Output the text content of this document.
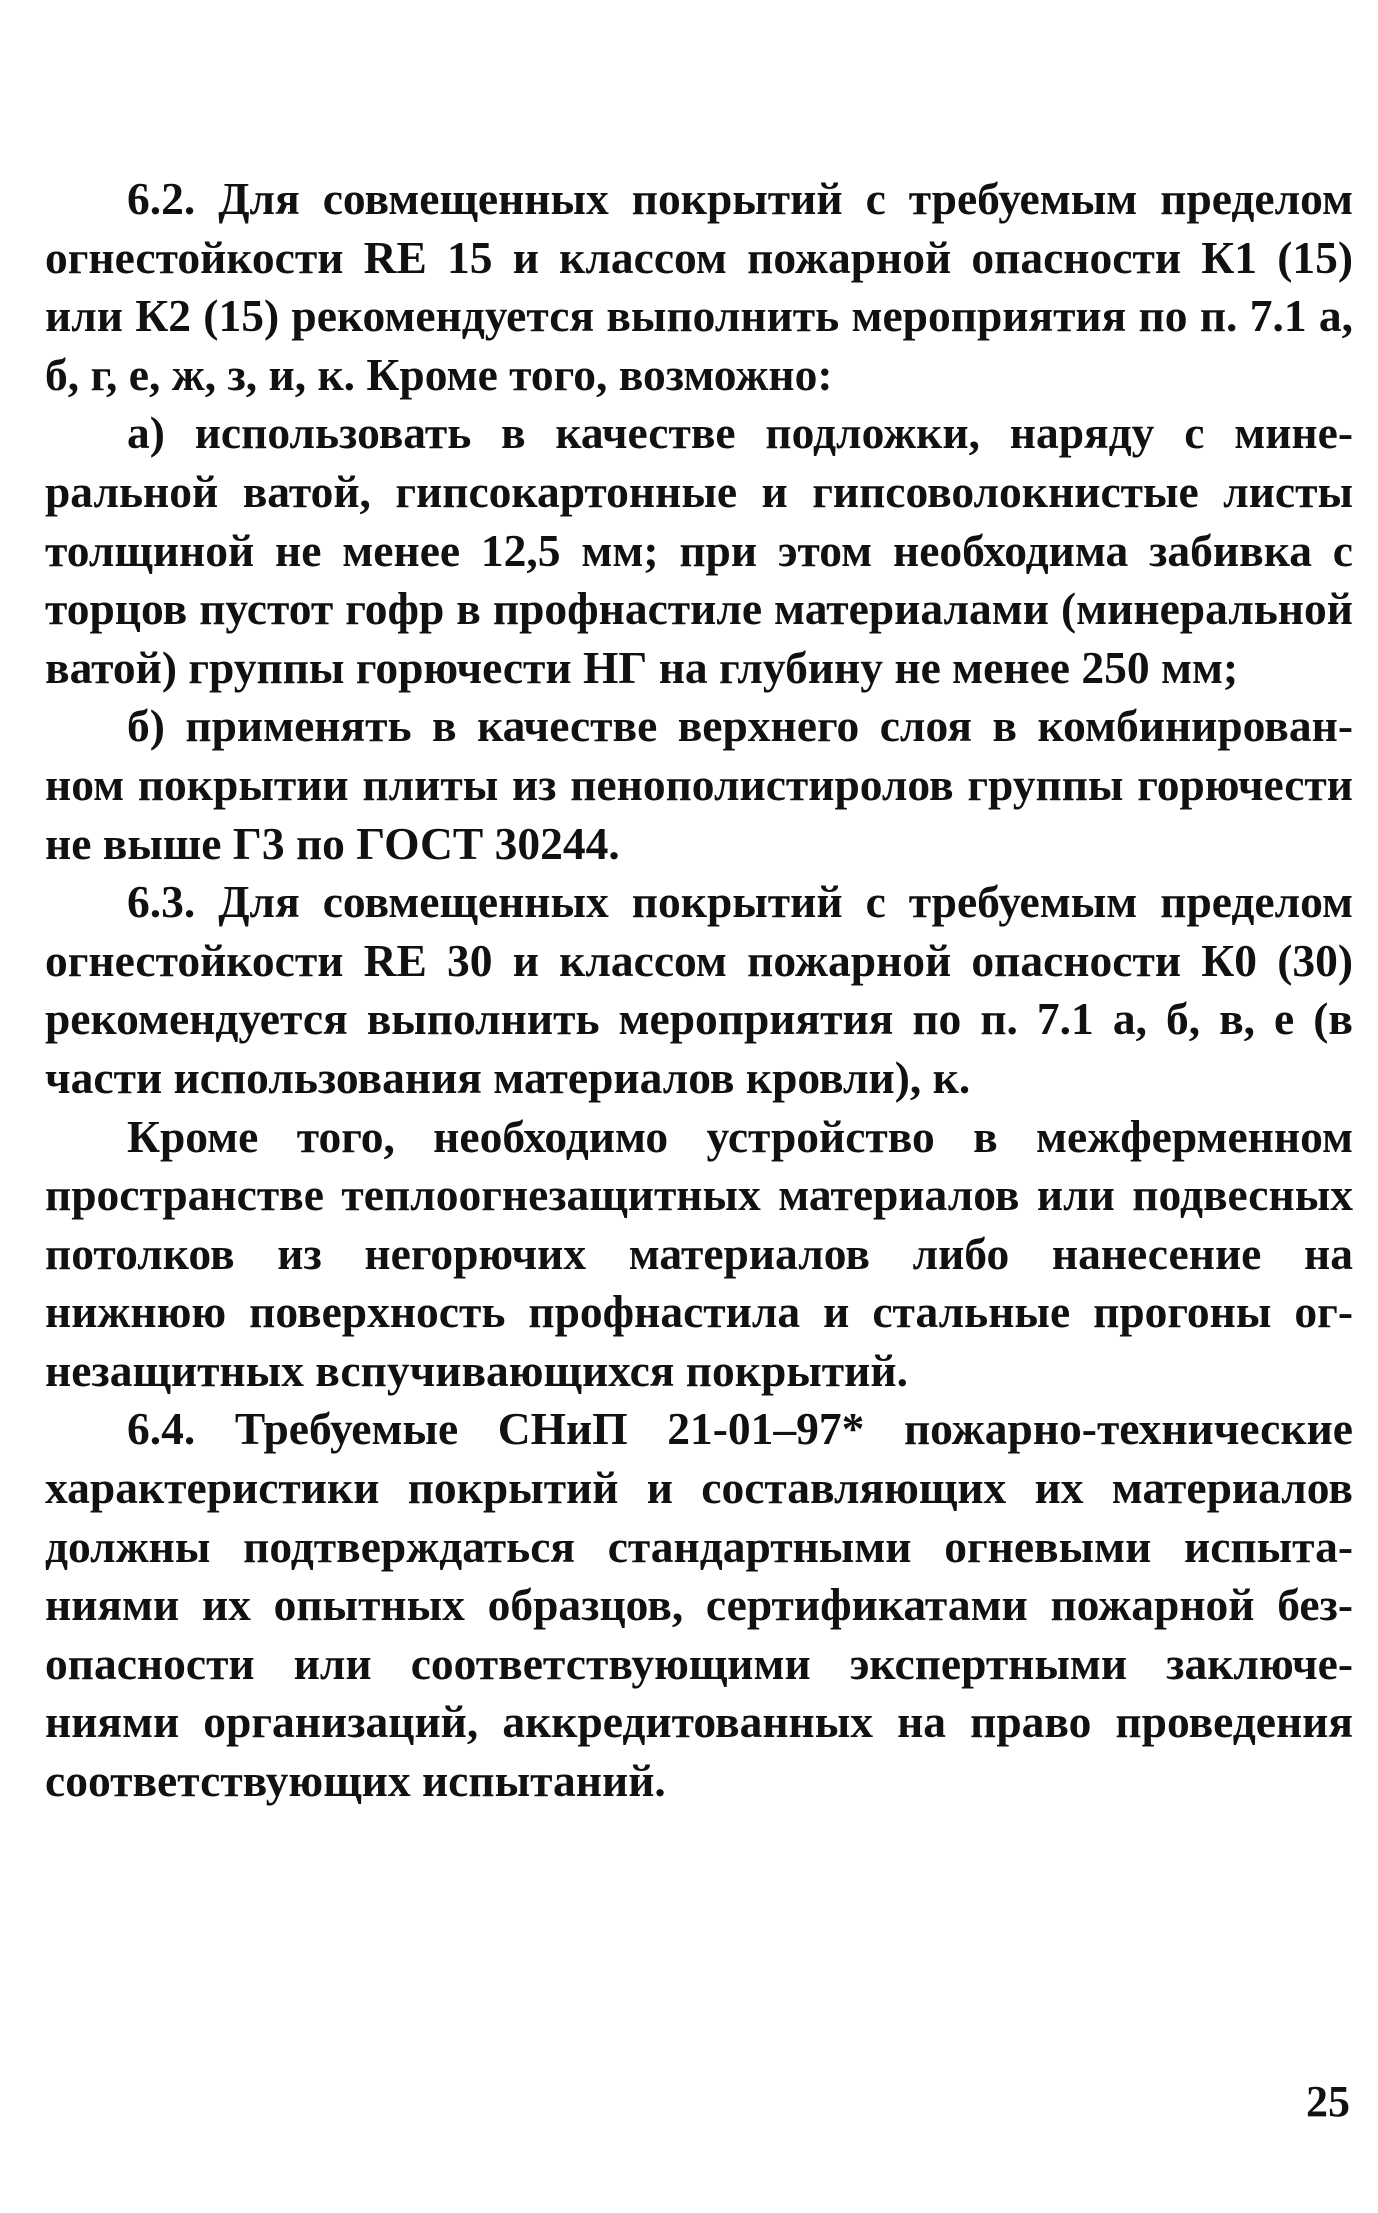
6.2. Для совмещенных покрытий с требуемым пределом огнестойкости RE 15 и классом пожарной опасности К1 (15) или К2 (15) рекомендуется выполнить мероприятия по п. 7.1 а, б, г, е, ж, з, и, к. Кроме того, возможно:

а) использовать в качестве подложки, наряду с минеральной ватой, гипсокартонные и гипсоволокнистые листы толщиной не менее 12,5 мм; при этом необходима забивка с торцов пустот гофр в профнастиле материалами (минеральной ватой) группы горючести НГ на глубину не менее 250 мм;

б) применять в качестве верхнего слоя в комбинированном покрытии плиты из пенополистиролов группы горючести не выше Г3 по ГОСТ 30244.

6.3. Для совмещенных покрытий с требуемым пределом огнестойкости RE 30 и классом пожарной опасности К0 (30) рекомендуется выполнить мероприятия по п. 7.1 а, б, в, е (в части использования материалов кровли), к.

Кроме того, необходимо устройство в межферменном пространстве теплоогнезащитных материалов или подвесных потолков из негорючих материалов либо нанесение на нижнюю поверхность профнастила и стальные прогоны огнезащитных вспучивающихся покрытий.

6.4. Требуемые СНиП 21-01–97* пожарно-технические характеристики покрытий и составляющих их материалов должны подтверждаться стандартными огневыми испытаниями их опытных образцов, сертификатами пожарной безопасности или соответствующими экспертными заключениями организаций, аккредитованных на право проведения соответствующих испытаний.

25
